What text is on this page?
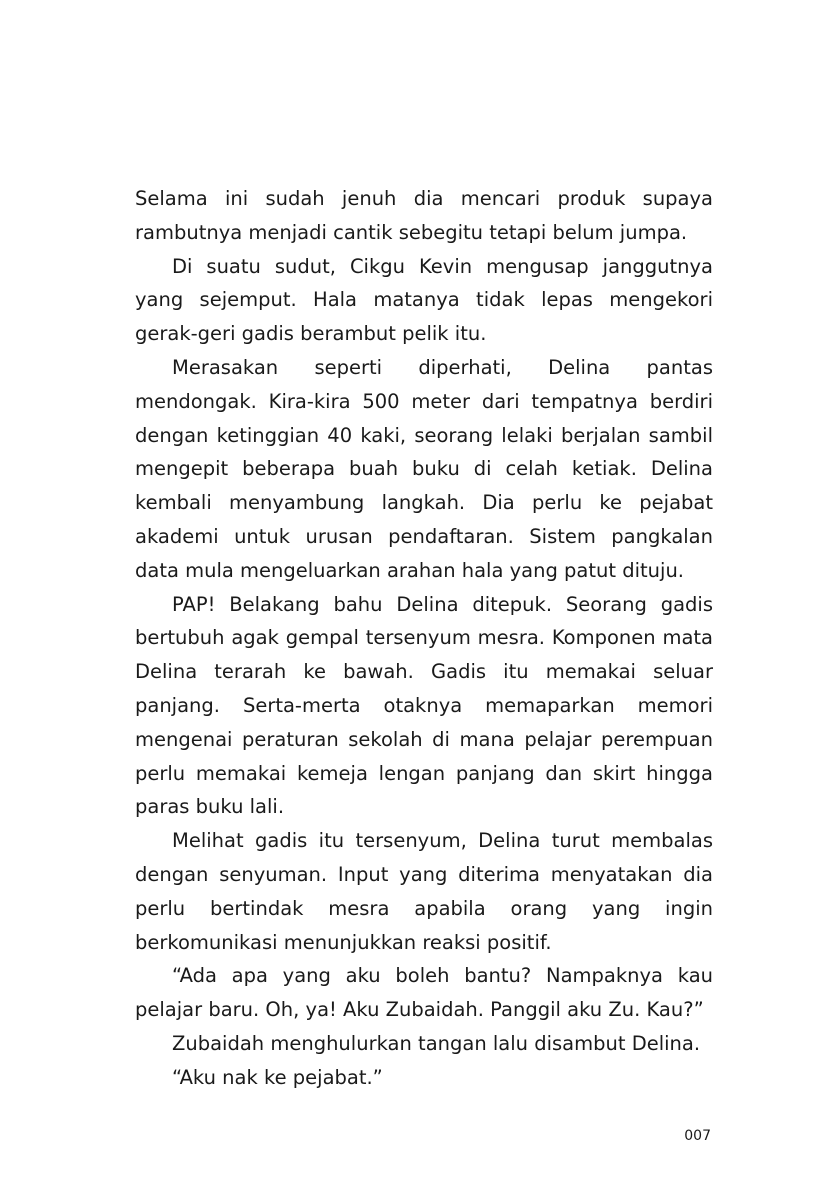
Selama ini sudah jenuh dia mencari produk supaya rambutnya menjadi cantik sebegitu tetapi belum jumpa.

Di suatu sudut, Cikgu Kevin mengusap janggutnya yang sejemput. Hala matanya tidak lepas mengekori gerak-geri gadis berambut pelik itu.

Merasakan seperti diperhati, Delina pantas mendongak. Kira-kira 500 meter dari tempatnya berdiri dengan ketinggian 40 kaki, seorang lelaki berjalan sambil mengepit beberapa buah buku di celah ketiak. Delina kembali menyambung langkah. Dia perlu ke pejabat akademi untuk urusan pendaftaran. Sistem pangkalan data mula mengeluarkan arahan hala yang patut dituju.

PAP! Belakang bahu Delina ditepuk. Seorang gadis bertubuh agak gempal tersenyum mesra. Komponen mata Delina terarah ke bawah. Gadis itu memakai seluar panjang. Serta-merta otaknya memaparkan memori mengenai peraturan sekolah di mana pelajar perempuan perlu memakai kemeja lengan panjang dan skirt hingga paras buku lali.

Melihat gadis itu tersenyum, Delina turut membalas dengan senyuman. Input yang diterima menyatakan dia perlu bertindak mesra apabila orang yang ingin berkomunikasi menunjukkan reaksi positif.

“Ada apa yang aku boleh bantu? Nampaknya kau pelajar baru. Oh, ya! Aku Zubaidah. Panggil aku Zu. Kau?”

Zubaidah menghulurkan tangan lalu disambut Delina.

“Aku nak ke pejabat.”

007
